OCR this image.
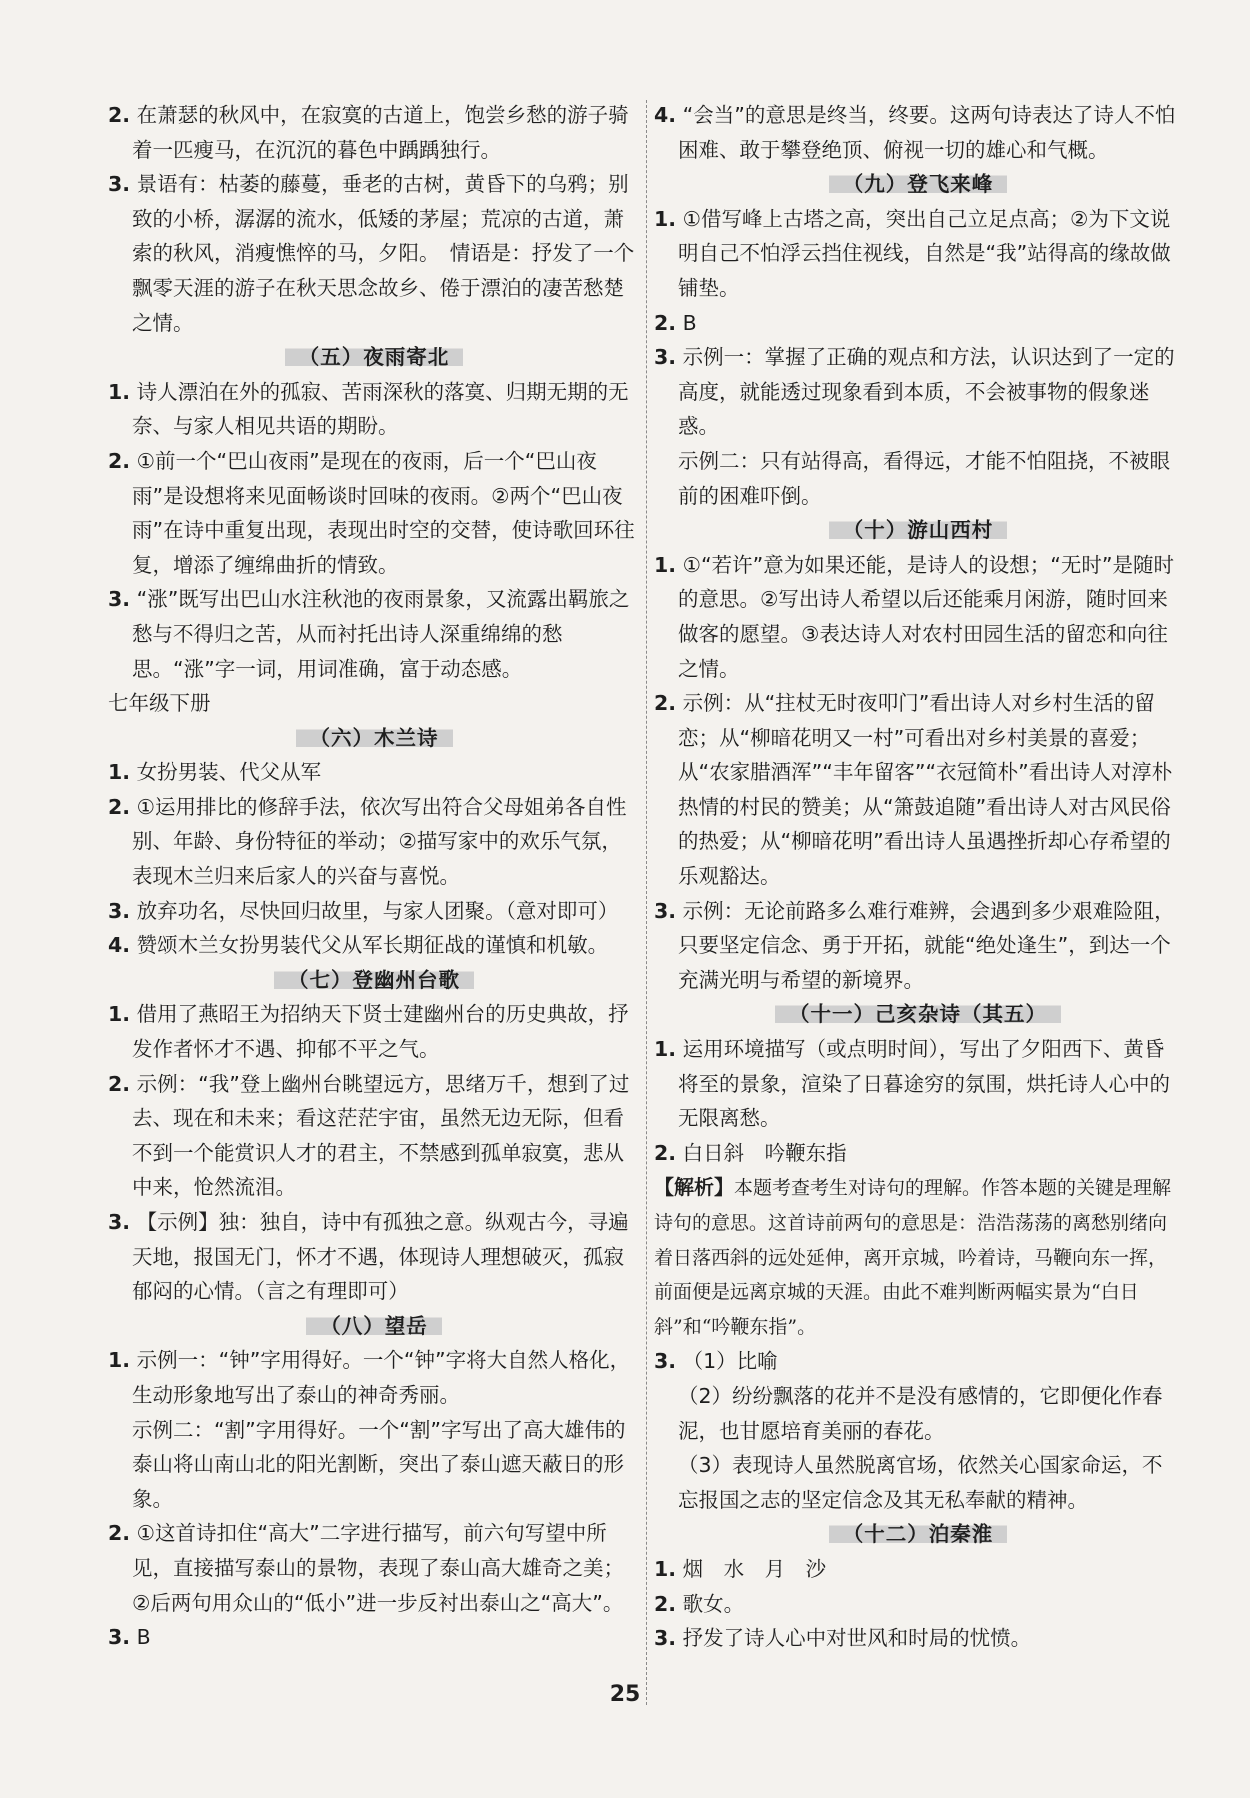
2. 在萧瑟的秋风中，在寂寞的古道上，饱尝乡愁的游子骑着一匹瘦马，在沉沉的暮色中踽踽独行。

3. 景语有：枯萎的藤蔓，垂老的古树，黄昏下的乌鸦；别致的小桥，潺潺的流水，低矮的茅屋；荒凉的古道，萧索的秋风，消瘦憔悴的马，夕阳。　情语是：抒发了一个飘零天涯的游子在秋天思念故乡、倦于漂泊的凄苦愁楚之情。

（五）夜雨寄北

1. 诗人漂泊在外的孤寂、苦雨深秋的落寞、归期无期的无奈、与家人相见共语的期盼。

2. ①前一个“巴山夜雨”是现在的夜雨，后一个“巴山夜雨”是设想将来见面畅谈时回味的夜雨。②两个“巴山夜雨”在诗中重复出现，表现出时空的交替，使诗歌回环往复，增添了缠绵曲折的情致。

3. “涨”既写出巴山水注秋池的夜雨景象，又流露出羁旅之愁与不得归之苦，从而衬托出诗人深重绵绵的愁思。“涨”字一词，用词准确，富于动态感。

七年级下册

（六）木兰诗

1. 女扮男装、代父从军

2. ①运用排比的修辞手法，依次写出符合父母姐弟各自性别、年龄、身份特征的举动；②描写家中的欢乐气氛，表现木兰归来后家人的兴奋与喜悦。

3. 放弃功名，尽快回归故里，与家人团聚。（意对即可）

4. 赞颂木兰女扮男装代父从军长期征战的谨慎和机敏。

（七）登幽州台歌

1. 借用了燕昭王为招纳天下贤士建幽州台的历史典故，抒发作者怀才不遇、抑郁不平之气。

2. 示例：“我”登上幽州台眺望远方，思绪万千，想到了过去、现在和未来；看这茫茫宇宙，虽然无边无际，但看不到一个能赏识人才的君主，不禁感到孤单寂寞，悲从中来，怆然流泪。

3. 【示例】独：独自，诗中有孤独之意。纵观古今，寻遍天地，报国无门，怀才不遇，体现诗人理想破灭，孤寂郁闷的心情。（言之有理即可）

（八）望岳

1. 示例一：“钟”字用得好。一个“钟”字将大自然人格化，生动形象地写出了泰山的神奇秀丽。

示例二：“割”字用得好。一个“割”字写出了高大雄伟的泰山将山南山北的阳光割断，突出了泰山遮天蔽日的形象。

2. ①这首诗扣住“高大”二字进行描写，前六句写望中所见，直接描写泰山的景物，表现了泰山高大雄奇之美；②后两句用众山的“低小”进一步反衬出泰山之“高大”。

3. B

4. “会当”的意思是终当，终要。这两句诗表达了诗人不怕困难、敢于攀登绝顶、俯视一切的雄心和气概。

（九）登飞来峰

1. ①借写峰上古塔之高，突出自己立足点高；②为下文说明自己不怕浮云挡住视线，自然是“我”站得高的缘故做铺垫。

2. B

3. 示例一：掌握了正确的观点和方法，认识达到了一定的高度，就能透过现象看到本质，不会被事物的假象迷惑。

示例二：只有站得高，看得远，才能不怕阻挠，不被眼前的困难吓倒。

（十）游山西村

1. ①“若许”意为如果还能，是诗人的设想；“无时”是随时的意思。②写出诗人希望以后还能乘月闲游，随时回来做客的愿望。③表达诗人对农村田园生活的留恋和向往之情。

2. 示例：从“拄杖无时夜叩门”看出诗人对乡村生活的留恋；从“柳暗花明又一村”可看出对乡村美景的喜爱；从“农家腊酒浑”“丰年留客”“衣冠简朴”看出诗人对淳朴热情的村民的赞美；从“箫鼓追随”看出诗人对古风民俗的热爱；从“柳暗花明”看出诗人虽遇挫折却心存希望的乐观豁达。

3. 示例：无论前路多么难行难辨，会遇到多少艰难险阻，只要坚定信念、勇于开拓，就能“绝处逢生”，到达一个充满光明与希望的新境界。

（十一）己亥杂诗（其五）

1. 运用环境描写（或点明时间），写出了夕阳西下、黄昏将至的景象，渲染了日暮途穷的氛围，烘托诗人心中的无限离愁。

2. 白日斜　吟鞭东指

【解析】本题考查考生对诗句的理解。作答本题的关键是理解诗句的意思。这首诗前两句的意思是：浩浩荡荡的离愁别绪向着日落西斜的远处延伸，离开京城，吟着诗，马鞭向东一挥，前面便是远离京城的天涯。由此不难判断两幅实景为“白日斜”和“吟鞭东指”。

3. （1）比喻

（2）纷纷飘落的花并不是没有感情的，它即便化作春泥，也甘愿培育美丽的春花。

（3）表现诗人虽然脱离官场，依然关心国家命运，不忘报国之志的坚定信念及其无私奉献的精神。

（十二）泊秦淮

1. 烟　水　月　沙

2. 歌女。

3. 抒发了诗人心中对世风和时局的忧愤。

25
